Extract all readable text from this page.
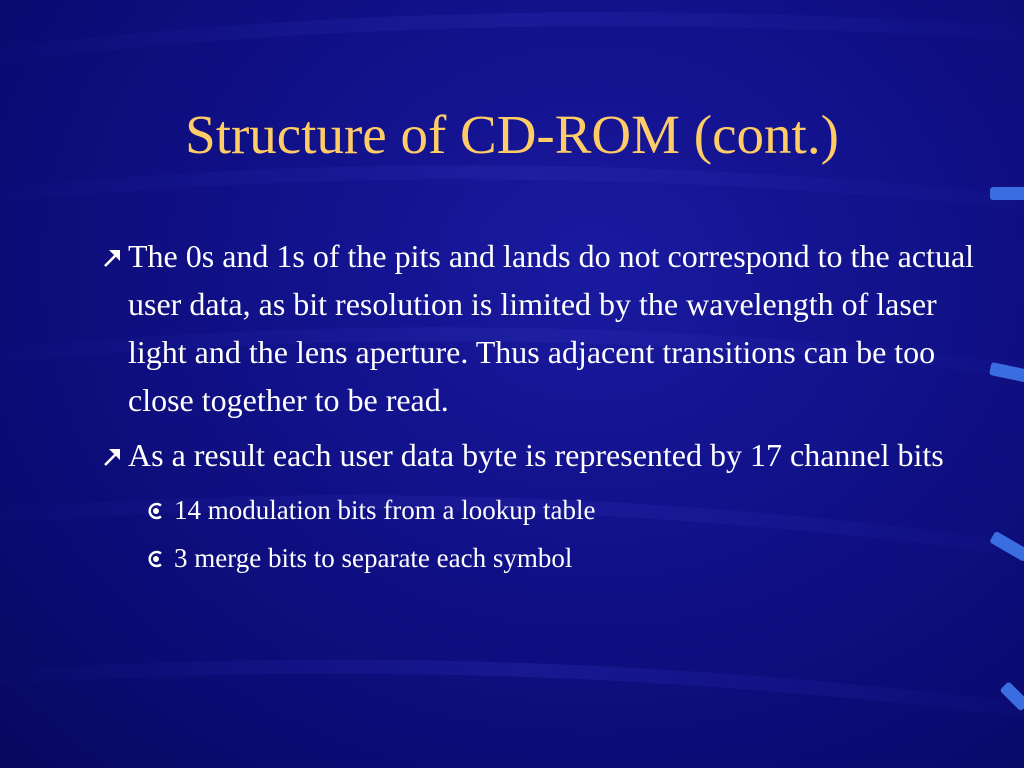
Structure of CD-ROM (cont.)
The 0s and 1s of the pits and lands do not correspond to the actual user data, as bit resolution is limited by the wavelength of laser light and the lens aperture. Thus adjacent transitions can be too close together to be read.
As a result each user data byte is represented by 17 channel bits
14 modulation bits from a lookup table
3 merge bits to separate each symbol
